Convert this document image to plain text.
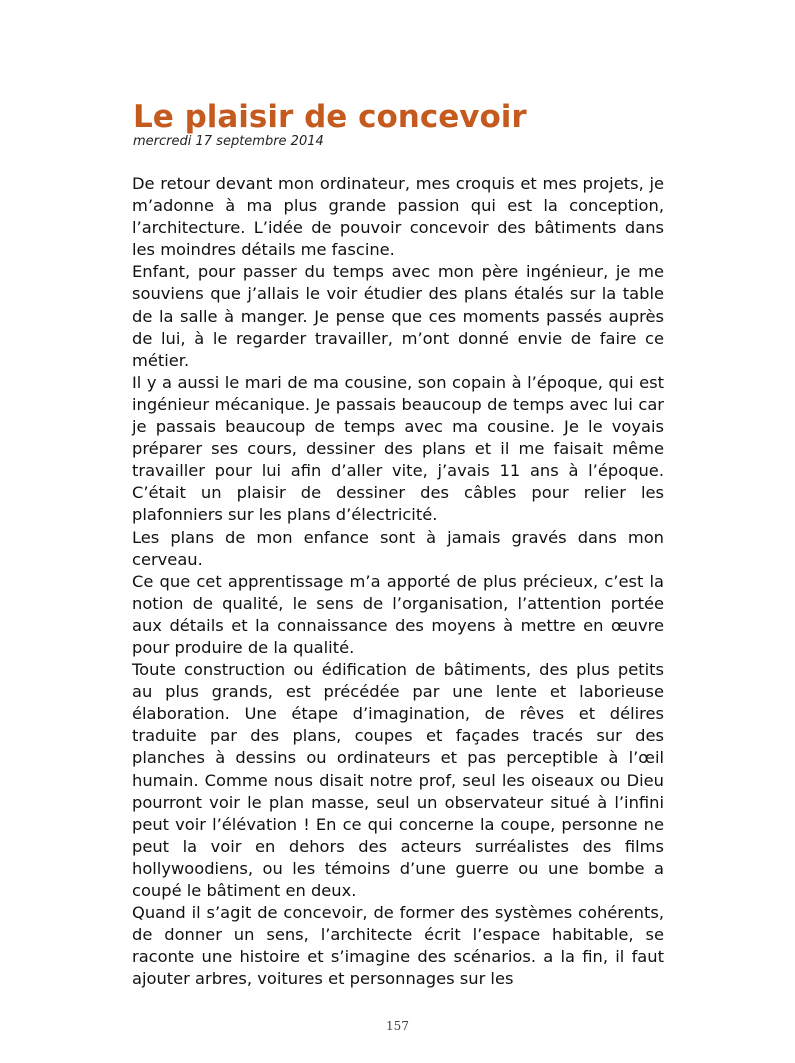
Le plaisir de concevoir
mercredi 17 septembre 2014

De retour devant mon ordinateur, mes croquis et mes projets, je m’adonne à ma plus grande passion qui est la conception, l’architecture. L’idée de pouvoir concevoir des bâtiments dans les moindres détails me fascine.

Enfant, pour passer du temps avec mon père ingénieur, je me souviens que j’allais le voir étudier des plans étalés sur la table de la salle à manger. Je pense que ces moments passés auprès de lui, à le regarder travailler, m’ont donné envie de faire ce métier.

Il y a aussi le mari de ma cousine, son copain à l’époque, qui est ingénieur mécanique. Je passais beaucoup de temps avec lui car je passais beaucoup de temps avec ma cousine. Je le voyais préparer ses cours, dessiner des plans et il me faisait même travailler pour lui afin d’aller vite, j’avais 11 ans à l’époque. C’était un plaisir de dessiner des câbles pour relier les plafonniers sur les plans d’électricité.

Les plans de mon enfance sont à jamais gravés dans mon cerveau.

Ce que cet apprentissage m’a apporté de plus précieux, c’est la notion de qualité, le sens de l’organisation, l’attention portée aux détails et la connaissance des moyens à mettre en œuvre pour produire de la qualité.

Toute construction ou édification de bâtiments, des plus petits au plus grands, est précédée par une lente et laborieuse élaboration. Une étape d’imagination, de rêves et délires traduite par des plans, coupes et façades tracés sur des planches à dessins ou ordinateurs et pas perceptible à l’œil humain. Comme nous disait notre prof, seul les oiseaux ou Dieu pourront voir le plan masse, seul un observateur situé à l’infini peut voir l’élévation ! En ce qui concerne la coupe, personne ne peut la voir en dehors des acteurs surréalistes des films hollywoodiens, ou les témoins d’une guerre ou une bombe a coupé le bâtiment en deux.

Quand il s’agit de concevoir, de former des systèmes cohérents, de donner un sens, l’architecte écrit l’espace habitable, se raconte une histoire et s’imagine des scénarios. a la fin, il faut ajouter arbres, voitures et personnages sur les

157
